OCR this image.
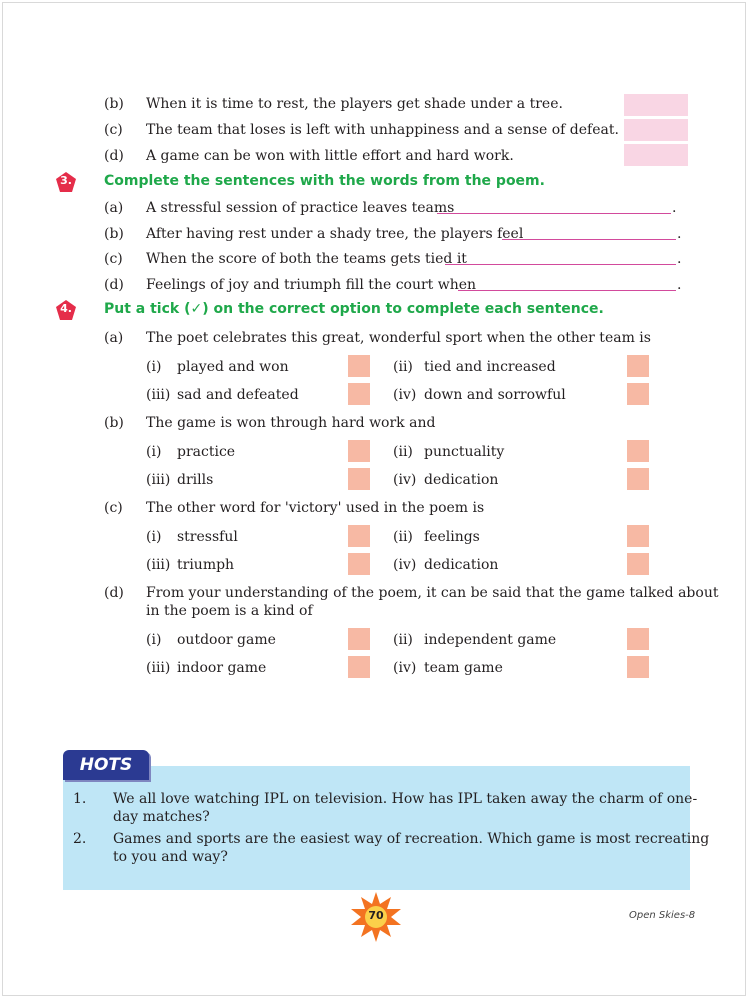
(b) When it is time to rest, the players get shade under a tree.
(c) The team that loses is left with unhappiness and a sense of defeat.
(d) A game can be won with little effort and hard work.
3.	Complete the sentences with the words from the poem.
(a) A stressful session of practice leaves teams	.
(b) After having rest under a shady tree, the players feel	.
(c) When the score of both the teams gets tied it	.
(d) Feelings of joy and triumph fill the court when	.
4.	Put a tick (✓) on the correct option to complete each sentence.
(a) The poet celebrates this great, wonderful sport when the other team is
(i) played and won	(ii) tied and increased
(iii) sad and defeated	(iv) down and sorrowful
(b) The game is won through hard work and
(i) practice	(ii) punctuality
(iii) drills	(iv) dedication
(c) The other word for 'victory' used in the poem is
(i) stressful	(ii) feelings
(iii) triumph	(iv) dedication
(d) From your understanding of the poem, it can be said that the game talked about
in the poem is a kind of
(i) outdoor game	(ii) independent game
(iii) indoor game	(iv) team game
HOTS
1. We all love watching IPL on television. How has IPL taken away the charm of one-
day matches?
2. Games and sports are the easiest way of recreation. Which game is most recreating
to you and way?
70	Open Skies-8
